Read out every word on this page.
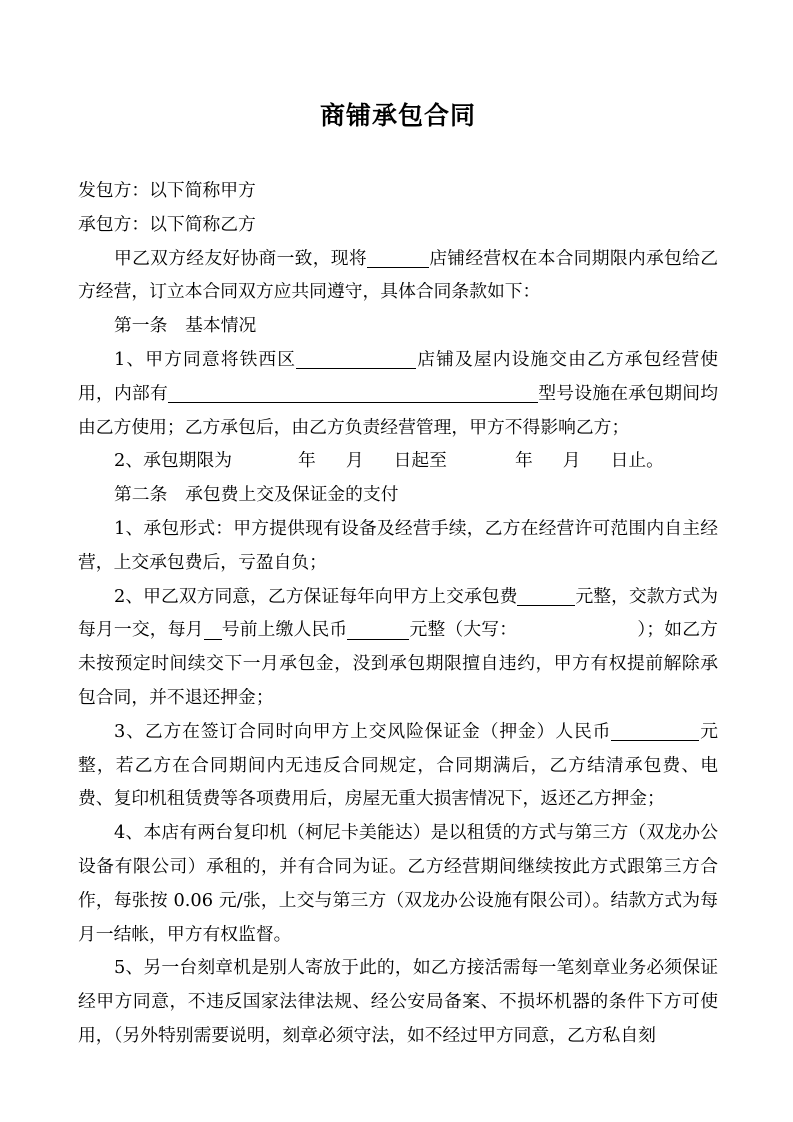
商铺承包合同

发包方：以下简称甲方

承包方：以下简称乙方

甲乙双方经友好协商一致，现将	店铺经营权在本合同期限内承包给乙方经营，订立本合同双方应共同遵守，具体合同条款如下：

第一条　基本情况

1、甲方同意将铁西区	店铺及屋内设施交由乙方承包经营使用，内部有	型号设施在承包期间均由乙方使用；乙方承包后，由乙方负责经营管理，甲方不得影响乙方；

2、承包期限为	年 月 日起至	年 月 日止。

第二条　承包费上交及保证金的支付

1、承包形式：甲方提供现有设备及经营手续，乙方在经营许可范围内自主经营，上交承包费后，亏盈自负；

2、甲乙双方同意，乙方保证每年向甲方上交承包费	元整，交款方式为每月一交，每月 号前上缴人民币	元整（大写：	）；如乙方未按预定时间续交下一月承包金，没到承包期限擅自违约，甲方有权提前解除承包合同，并不退还押金；

3、乙方在签订合同时向甲方上交风险保证金（押金）人民币	元整，若乙方在合同期间内无违反合同规定，合同期满后，乙方结清承包费、电费、复印机租赁费等各项费用后，房屋无重大损害情况下，返还乙方押金；

4、本店有两台复印机（柯尼卡美能达）是以租赁的方式与第三方（双龙办公设备有限公司）承租的，并有合同为证。乙方经营期间继续按此方式跟第三方合作，每张按 0.06 元/张，上交与第三方（双龙办公设施有限公司）。结款方式为每月一结帐，甲方有权监督。

5、另一台刻章机是别人寄放于此的，如乙方接活需每一笔刻章业务必须保证经甲方同意，不违反国家法律法规、经公安局备案、不损坏机器的条件下方可使用，（另外特别需要说明，刻章必须守法，如不经过甲方同意，乙方私自刻
